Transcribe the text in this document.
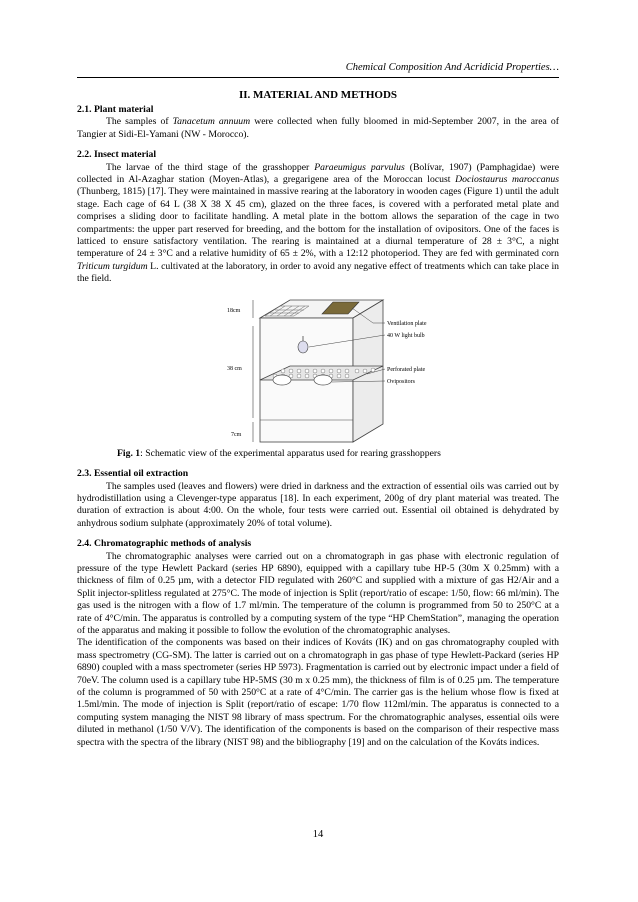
Chemical Composition And Acridicid Properties…
II. MATERIAL AND METHODS
2.1. Plant material

The samples of Tanacetum annuum were collected when fully bloomed in mid-September 2007, in the area of Tangier at Sidi-El-Yamani (NW - Morocco).

2.2. Insect material

The larvae of the third stage of the grasshopper Paraeumigus parvulus (Bolívar, 1907) (Pamphagidae) were collected in Al-Azaghar station (Moyen-Atlas), a gregarigene area of the Moroccan locust Dociostaurus maroccanus (Thunberg, 1815) [17]. They were maintained in massive rearing at the laboratory in wooden cages (Figure 1) until the adult stage. Each cage of 64 L (38 X 38 X 45 cm), glazed on the three faces, is covered with a perforated metal plate and comprises a sliding door to facilitate handling. A metal plate in the bottom allows the separation of the cage in two compartments: the upper part reserved for breeding, and the bottom for the installation of ovipositors. One of the faces is latticed to ensure satisfactory ventilation. The rearing is maintained at a diurnal temperature of 28 ± 3°C, a night temperature of 24 ± 3°C and a relative humidity of 65 ± 2%, with a 12:12 photoperiod. They are fed with germinated corn Triticum turgidum L. cultivated at the laboratory, in order to avoid any negative effect of treatments which can take place in the field.

18cm
38 cm
7cm
Ventilation plate
40 W light bulb
Perforated plate
Ovipositors

Fig. 1: Schematic view of the experimental apparatus used for rearing grasshoppers

2.3. Essential oil extraction

The samples used (leaves and flowers) were dried in darkness and the extraction of essential oils was carried out by hydrodistillation using a Clevenger-type apparatus [18]. In each experiment, 200g of dry plant material was treated. The duration of extraction is about 4:00. On the whole, four tests were carried out. Essential oil obtained is dehydrated by anhydrous sodium sulphate (approximately 20% of total volume).

2.4. Chromatographic methods of analysis

The chromatographic analyses were carried out on a chromatograph in gas phase with electronic regulation of pressure of the type Hewlett Packard (series HP 6890), equipped with a capillary tube HP-5 (30m X 0.25mm) with a thickness of film of 0.25 µm, with a detector FID regulated with 260°C and supplied with a mixture of gas H2/Air and a Split injector-splitless regulated at 275°C. The mode of injection is Split (report/ratio of escape: 1/50, flow: 66 ml/min). The gas used is the nitrogen with a flow of 1.7 ml/min. The temperature of the column is programmed from 50 to 250°C at a rate of 4°C/min. The apparatus is controlled by a computing system of the type “HP ChemStation”, managing the operation of the apparatus and making it possible to follow the evolution of the chromatographic analyses.

The identification of the components was based on their indices of Kováts (IK) and on gas chromatography coupled with mass spectrometry (CG-SM). The latter is carried out on a chromatograph in gas phase of type Hewlett-Packard (series HP 6890) coupled with a mass spectrometer (series HP 5973). Fragmentation is carried out by electronic impact under a field of 70eV. The column used is a capillary tube HP-5MS (30 m x 0.25 mm), the thickness of film is of 0.25 µm. The temperature of the column is programmed of 50 with 250°C at a rate of 4°C/min. The carrier gas is the helium whose flow is fixed at 1.5ml/min. The mode of injection is Split (report/ratio of escape: 1/70 flow 112ml/min. The apparatus is connected to a computing system managing the NIST 98 library of mass spectrum. For the chromatographic analyses, essential oils were diluted in methanol (1/50 V/V). The identification of the components is based on the comparison of their respective mass spectra with the spectra of the library (NIST 98) and the bibliography [19] and on the calculation of the Kováts indices.

14
